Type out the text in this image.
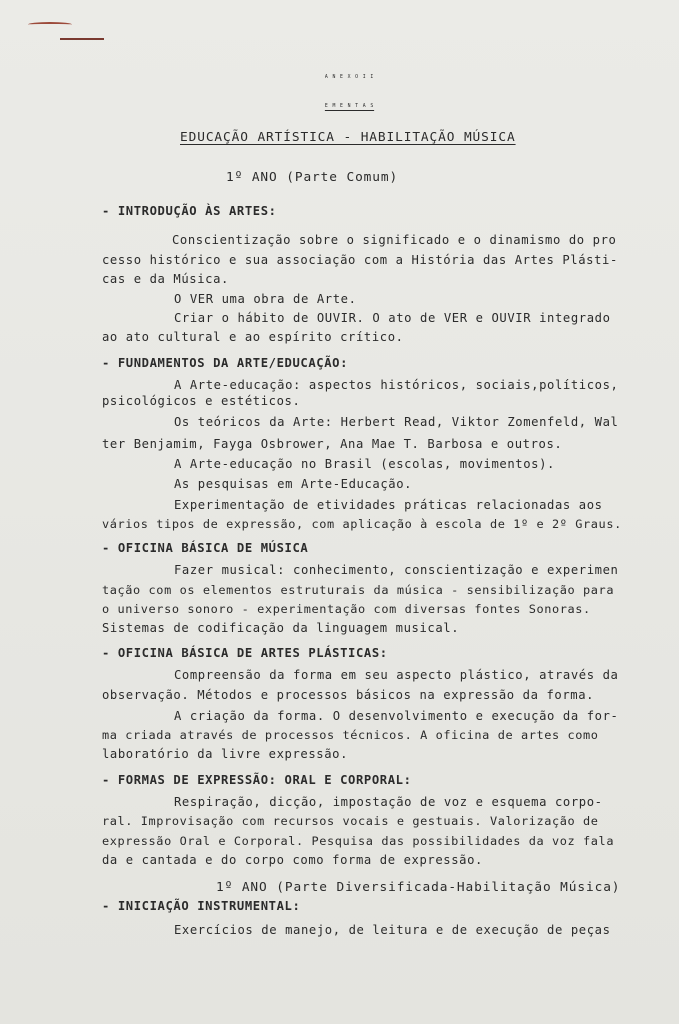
A N E X O I I
E M E N T A S
EDUCAÇÃO ARTÍSTICA - HABILITAÇÃO MÚSICA
1º ANO (Parte Comum)
- INTRODUÇÃO ÀS ARTES:
Conscientização sobre o significado e o dinamismo do pro
cesso histórico e sua associação com a História das Artes Plásti-
cas e da Música.
O VER uma obra de Arte.
Criar o hábito de OUVIR. O ato de VER e OUVIR integrado
ao ato cultural e ao espírito crítico.
- FUNDAMENTOS DA ARTE/EDUCAÇÃO:
A Arte-educação: aspectos históricos, sociais,políticos,
psicológicos e estéticos.
Os teóricos da Arte: Herbert Read, Viktor Zomenfeld, Wal
ter Benjamim, Fayga Osbrower, Ana Mae T. Barbosa e outros.
A Arte-educação no Brasil (escolas, movimentos).
As pesquisas em Arte-Educação.
Experimentação de etividades práticas relacionadas aos
vários tipos de expressão, com aplicação à escola de 1º e 2º Graus.
- OFICINA BÁSICA DE MÚSICA
Fazer musical: conhecimento, conscientização e experimen
tação com os elementos estruturais da música - sensibilização para
o universo sonoro - experimentação com diversas fontes Sonoras.
Sistemas de codificação da linguagem musical.
- OFICINA BÁSICA DE ARTES PLÁSTICAS:
Compreensão da forma em seu aspecto plástico, através da
observação. Métodos e processos básicos na expressão da forma.
A criação da forma. O desenvolvimento e execução da for-
ma criada através de processos técnicos. A oficina de artes como
laboratório da livre expressão.
- FORMAS DE EXPRESSÃO: ORAL E CORPORAL:
Respiração, dicção, impostação de voz e esquema corpo-
ral. Improvisação com recursos vocais e gestuais. Valorização de
expressão Oral e Corporal. Pesquisa das possibilidades da voz fala
da e cantada e do corpo como forma de expressão.
1º ANO (Parte Diversificada-Habilitação Música)
- INICIAÇÃO INSTRUMENTAL:
Exercícios de manejo, de leitura e de execução de peças
